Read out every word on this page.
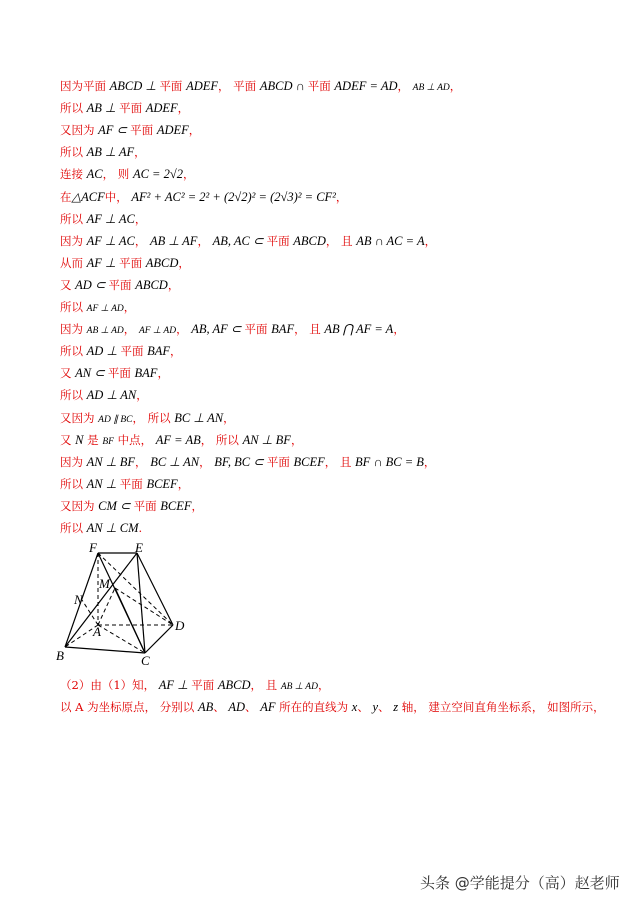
因为平面 ABCD ⊥ 平面 ADEF， 平面 ABCD ∩ 平面 ADEF = AD， AB ⊥ AD，
所以 AB ⊥ 平面 ADEF，
又因为 AF ⊂ 平面 ADEF，
所以 AB ⊥ AF，
连接 AC， 则 AC = 2√2，
在△ACF中， AF² + AC² = 2² + (2√2)² = (2√3)² = CF²，
所以 AF ⊥ AC，
因为 AF ⊥ AC， AB ⊥ AF， AB, AC ⊂ 平面 ABCD， 且 AB ∩ AC = A，
从而 AF ⊥ 平面 ABCD，
又 AD ⊂ 平面 ABCD，
所以 AF ⊥ AD，
因为 AB ⊥ AD， AF ⊥ AD， AB, AF ⊂ 平面 BAF， 且 AB ⋂ AF = A，
所以 AD ⊥ 平面 BAF，
又 AN ⊂ 平面 BAF，
所以 AD ⊥ AN，
又因为 AD ∥ BC， 所以 BC ⊥ AN，
又 N 是 BF 中点， AF = AB， 所以 AN ⊥ BF，
因为 AN ⊥ BF， BC ⊥ AN， BF, BC ⊂ 平面 BCEF， 且 BF ∩ BC = B，
所以 AN ⊥ 平面 BCEF，
又因为 CM ⊂ 平面 BCEF，
所以 AN ⊥ CM.
F	E
M
N
A	D
B	C
（2）由（1）知， AF ⊥ 平面 ABCD， 且 AB ⊥ AD，
以 A 为坐标原点， 分别以 AB、 AD、 AF 所在的直线为 x、 y、 z 轴， 建立空间直角坐标系， 如图所示，
头条 @学能提分（高）赵老师
